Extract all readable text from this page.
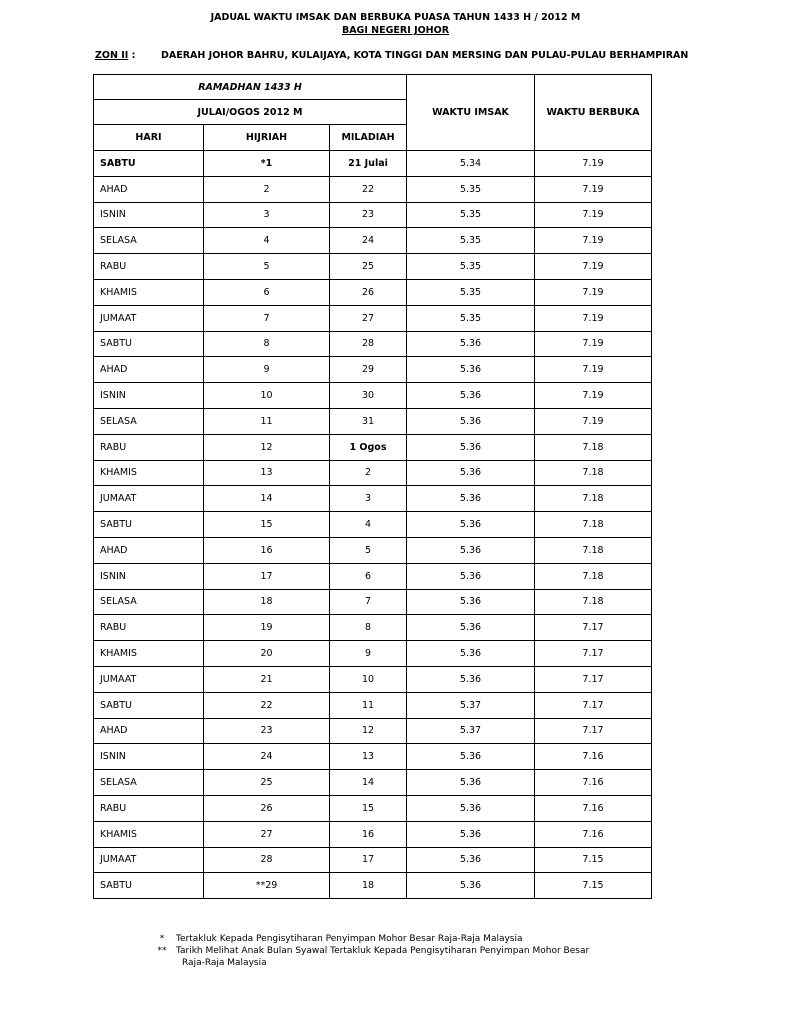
JADUAL WAKTU IMSAK DAN BERBUKA PUASA TAHUN 1433 H / 2012 M
BAGI NEGERI JOHOR
ZON II :	DAERAH JOHOR BAHRU, KULAIJAYA, KOTA TINGGI DAN MERSING DAN PULAU-PULAU BERHAMPIRAN
RAMADHAN 1433 H			WAKTU IMSAK	WAKTU BERBUKA
JULAI/OGOS 2012 M				
HARI	HIJRIAH	MILADIAH		
SABTU	*1	21 Julai	5.34	7.19
AHAD	2	22	5.35	7.19
ISNIN	3	23	5.35	7.19
SELASA	4	24	5.35	7.19
RABU	5	25	5.35	7.19
KHAMIS	6	26	5.35	7.19
JUMAAT	7	27	5.35	7.19
SABTU	8	28	5.36	7.19
AHAD	9	29	5.36	7.19
ISNIN	10	30	5.36	7.19
SELASA	11	31	5.36	7.19
RABU	12	1 Ogos	5.36	7.18
KHAMIS	13	2	5.36	7.18
JUMAAT	14	3	5.36	7.18
SABTU	15	4	5.36	7.18
AHAD	16	5	5.36	7.18
ISNIN	17	6	5.36	7.18
SELASA	18	7	5.36	7.18
RABU	19	8	5.36	7.17
KHAMIS	20	9	5.36	7.17
JUMAAT	21	10	5.36	7.17
SABTU	22	11	5.37	7.17
AHAD	23	12	5.37	7.17
ISNIN	24	13	5.36	7.16
SELASA	25	14	5.36	7.16
RABU	26	15	5.36	7.16
KHAMIS	27	16	5.36	7.16
JUMAAT	28	17	5.36	7.15
SABTU	**29	18	5.36	7.15
* Tertakluk Kepada Pengisytiharan Penyimpan Mohor Besar Raja-Raja Malaysia
** Tarikh Melihat Anak Bulan Syawal Tertakluk Kepada Pengisytiharan Penyimpan Mohor Besar
Raja-Raja Malaysia
